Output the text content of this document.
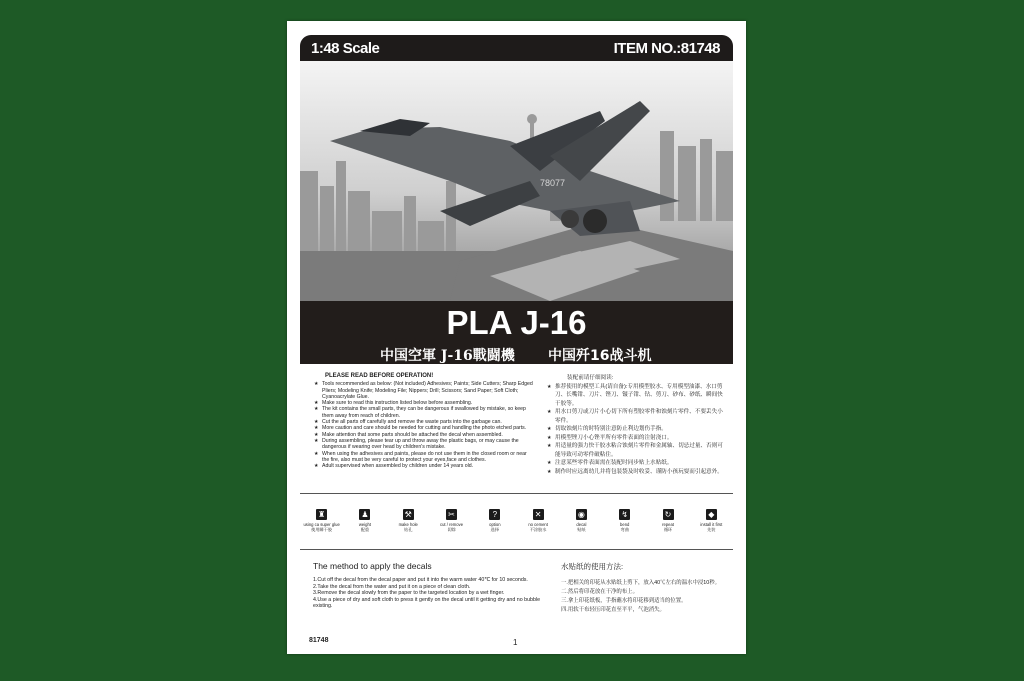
1:48 Scale	ITEM NO.:81748
78077
PLA J-16
中国空軍 J-16戰闘機 中国歼16战斗机
PLEASE READ BEFORE OPERATION!
★ Tools recommended as below: (Not included) Adhesives; Paints; Side Cutters; Sharp Edged Pliers; Modeling Knife; Modeling File; Nippers; Drill; Scissors; Sand Paper; Soft Cloth; Cyanoacrylate Glue.
★ Make sure to read this instruction listed below before assembling.
★ The kit contains the small parts, they can be dangerous if swallowed by mistake, so keep them away from reach of children.
★ Cut the all parts off carefully and remove the waste parts into the garbage can.
★ More caution and care should be needed for cutting and handling the photo etched parts.
★ Make attention that some parts should be attached the decal when assembled.
★ During assembling, please tear up and throw away the plastic bags, or may cause the dangerous if wearing over head by children's mistake.
★ When using the adhesives and paints, please do not use them in the closed room or near the fire, also must be very careful to protect your eyes,face and clothes.
★ Adult supervised when assembled by children under 14 years old.
装配前请仔细阅读:
★ 推荐使用的模型工具(请自备):专用模型胶水、专用模型油漆、水口剪刀、长嘴钳、刀片、锉刀、镊子钳、钻、剪刀、砂布、砂纸、瞬间快干胶等。
★ 用水口剪刀或刀片小心切下所有塑胶零件和蚀刻片零件、不要丢失小零件。
★ 切取蚀刻片的时特别注意防止利边划伤手指。
★ 用模型锉刀小心锉平所有零件表面的注射浇口。
★ 用适量的强力快干胶水粘合蚀刻片零件和金属轴、切忌过量、否则可能导致可动零件破粘住。
★ 注意某些零件表面需在装配时同步贴上水贴纸。
★ 制作时应远离幼儿并将包装袋及时收妥、谨防小孩玩耍而引起意外。
♜
using ca super glue
使用瞬干胶
♟
weight
配重
⚒
make hole
钻孔
✂
cut / remove
切除
?
option
选择
✕
no cement
不涂胶水
◉
decal
贴纸
↯
bend
弯曲
↻
repeat
循环
◆
install it first
先装
The method to apply the decals
1.Cut off the decal from the decal paper and put it into the warm water 40℃ for 10 seconds.
2.Take the decal from the water and put it on a piece of clean cloth.
3.Remove the decal slowly from the paper to the targeted location by a wet finger.
4.Use a piece of dry and soft cloth to press it gently on the decal until it getting dry and no bubble existing.
水贴纸的使用方法:
一.把相关的印花从水贴纸上剪下，放入40℃左右的温水中浸10秒。
二.然后将印花放在干净的布上。
三.拿上印花纸板，手指蘸水将印花移到适当的位置。
四.用软干布轻压印花直至平平，气泡消失。
81748	1
